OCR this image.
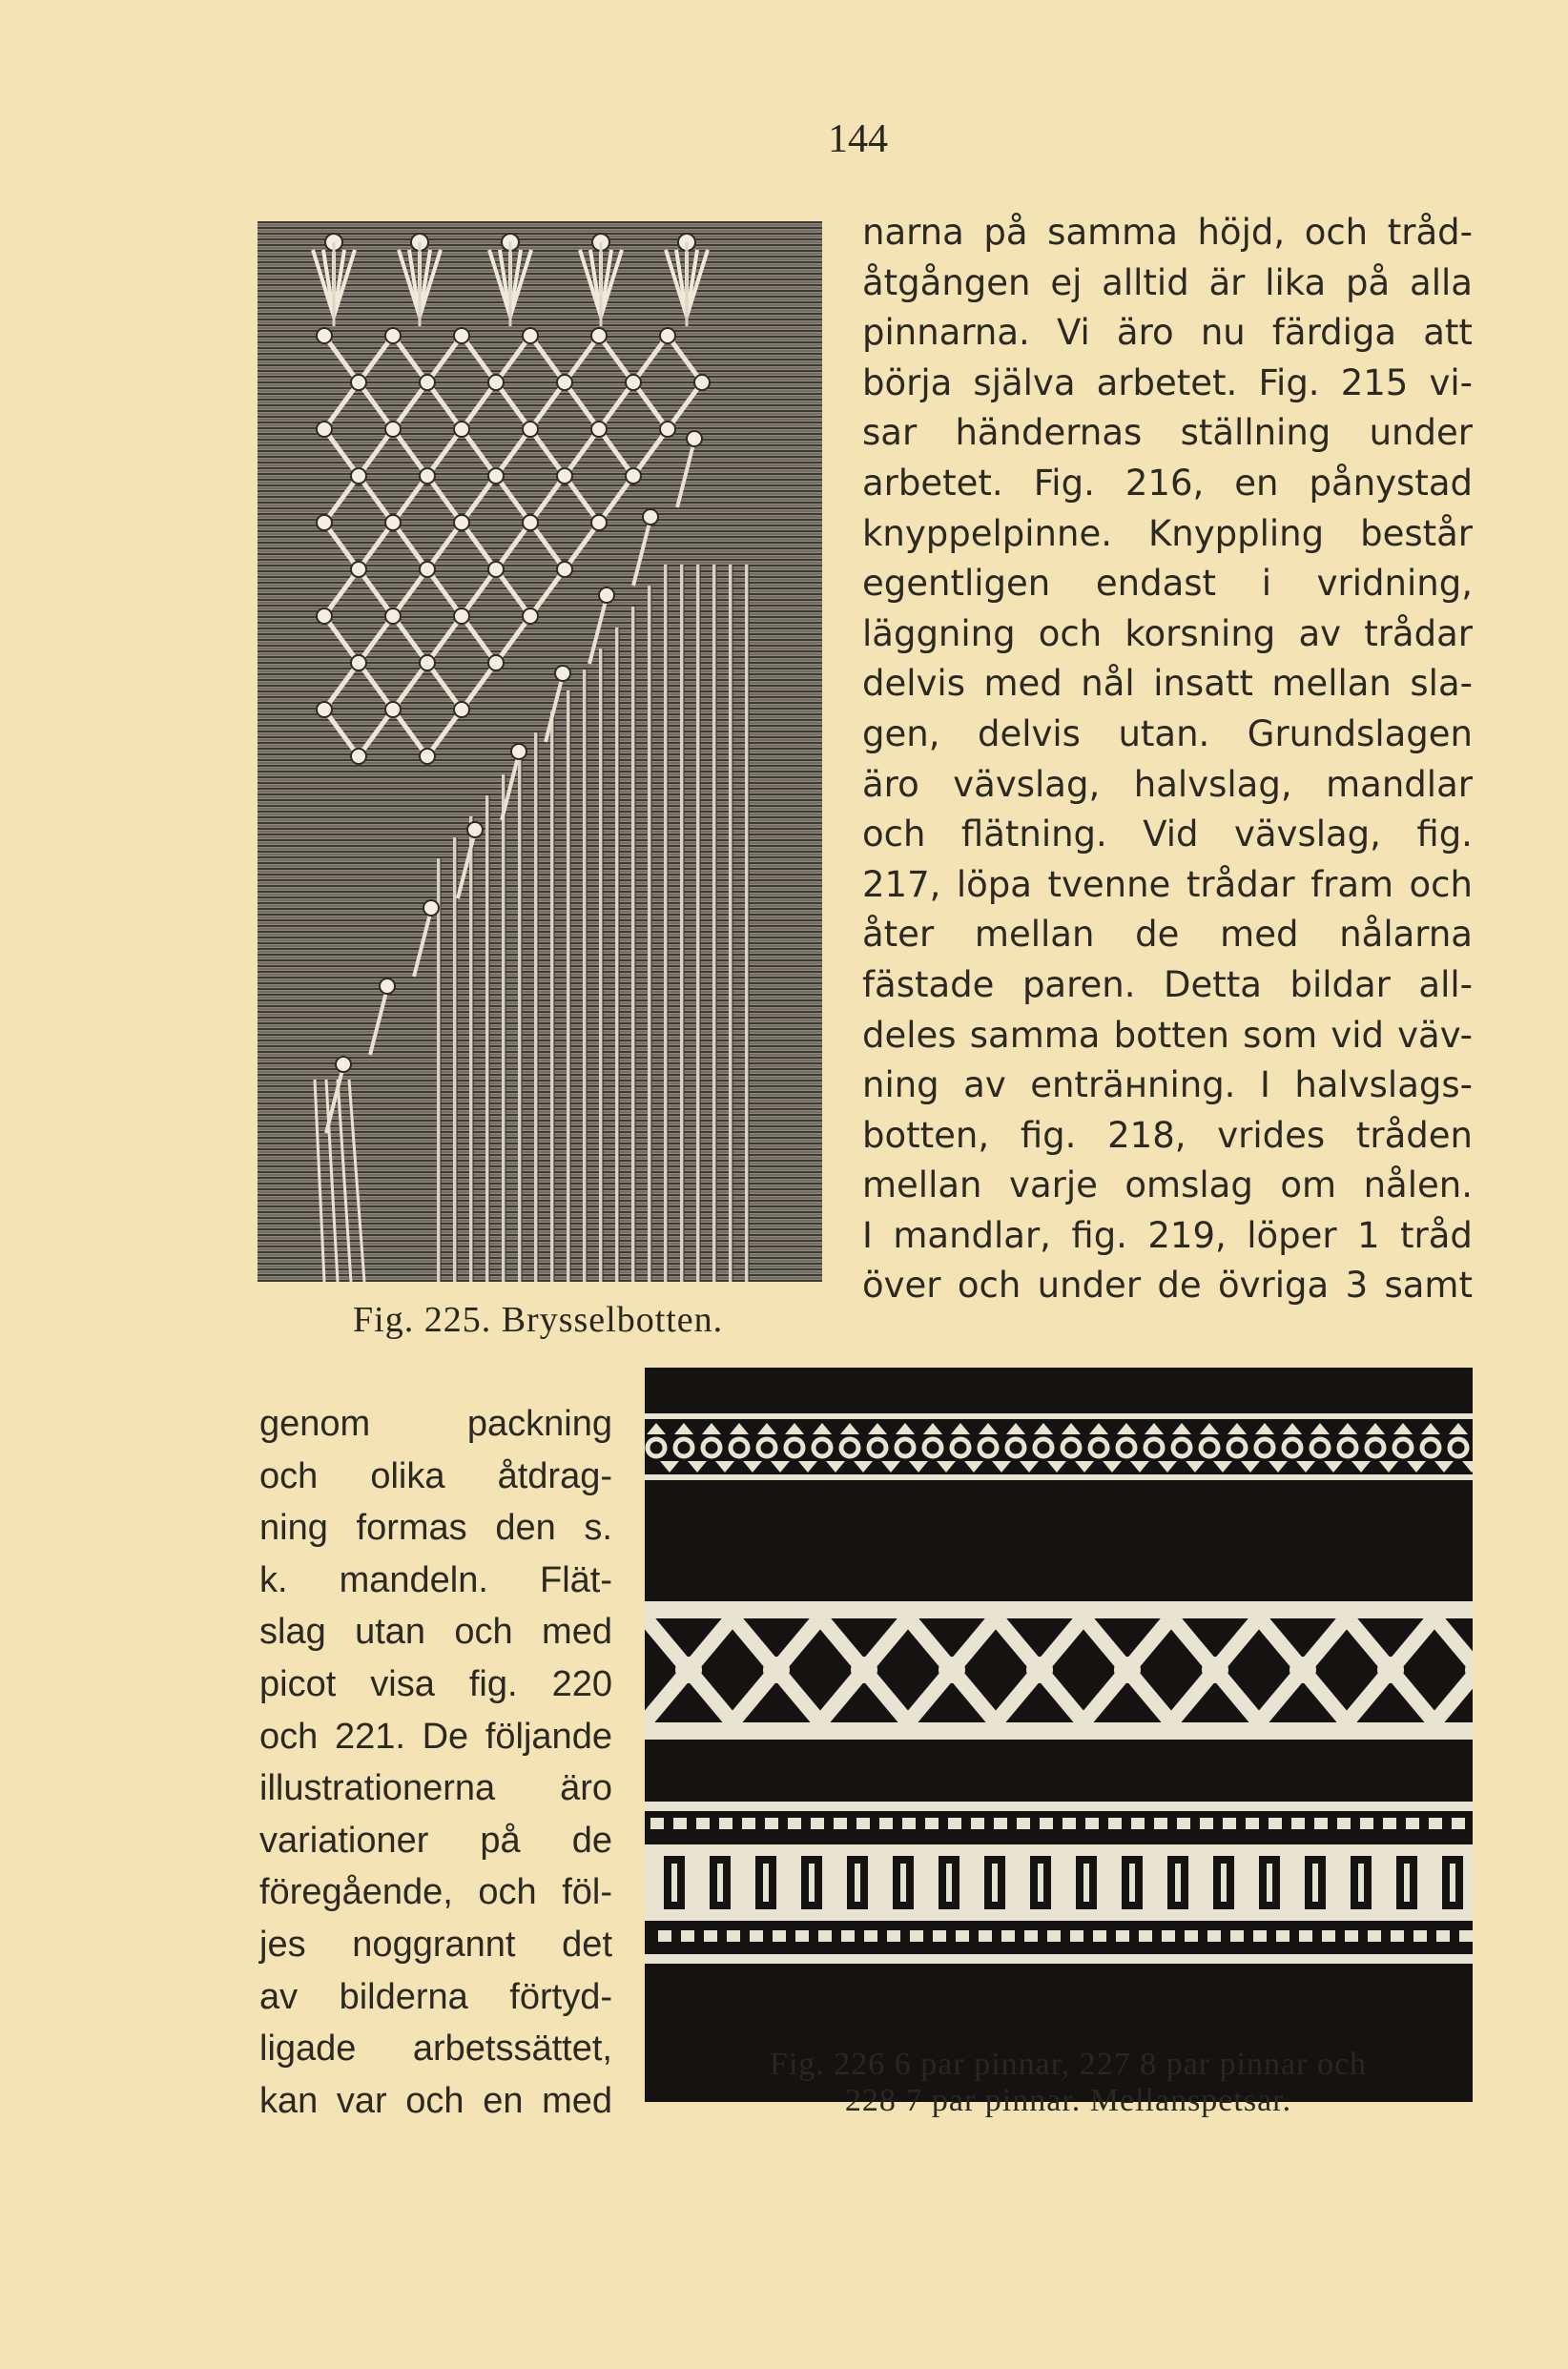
144
Fig. 225. Brysselbotten.
narna på samma höjd, och tråd-
åtgången ej alltid är lika på alla
pinnarna. Vi äro nu färdiga att
börja själva arbetet. Fig. 215 vi-
sar händernas ställning under
arbetet. Fig. 216, en pånystad
knyppelpinne. Knyppling består
egentligen endast i vridning,
läggning och korsning av trådar
delvis med nål insatt mellan sla-
gen, delvis utan. Grundslagen
äro vävslag, halvslag, mandlar
och flätning. Vid vävslag, fig.
217, löpa tvenne trådar fram och
åter mellan de med nålarna
fästade paren. Detta bildar all-
deles samma botten som vid väv-
ning av enträнning. I halvslags-
botten, fig. 218, vrides tråden
mellan varje omslag om nålen.
I mandlar, fig. 219, löper 1 tråd
över och under de övriga 3 samt
genom	packning
och olika åtdrag-
ning formas den s.
k. mandeln. Flät-
slag utan och med
picot visa fig. 220
och 221. De följande
illustrationerna äro
variationer på de
föregående, och föl-
jes noggrannt det
av bilderna förtyd-
ligade arbetssättet,
kan var och en med
Fig. 226 6 par pinnar, 227 8 par pinnar och
228 7 par pinnar. Mellanspetsar.
